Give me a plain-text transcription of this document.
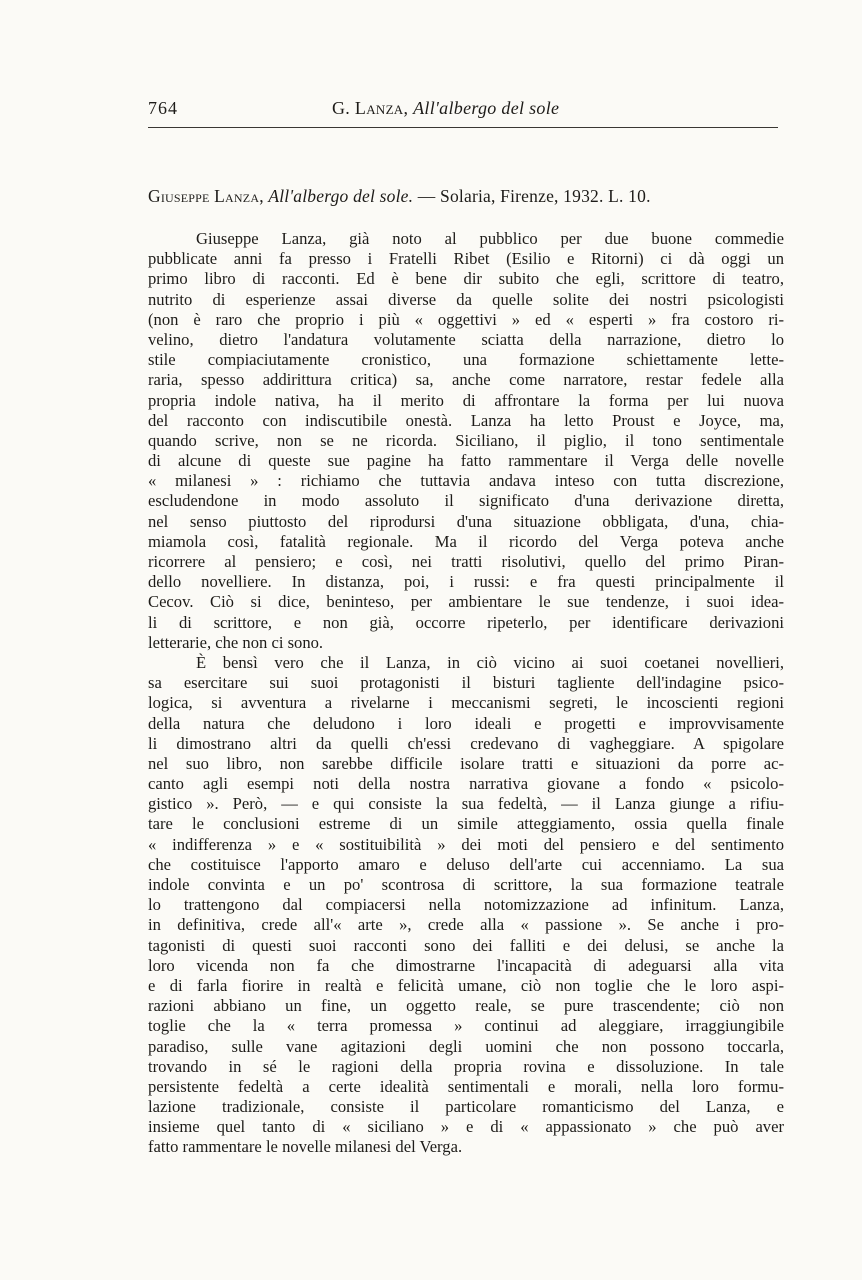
764	G. Lanza, All'albergo del sole
Giuseppe Lanza, All'albergo del sole. — Solaria, Firenze, 1932. L. 10.
Giuseppe Lanza, già noto al pubblico per due buone commedie
pubblicate anni fa presso i Fratelli Ribet (Esilio e Ritorni) ci dà oggi un
primo libro di racconti. Ed è bene dir subito che egli, scrittore di teatro,
nutrito di esperienze assai diverse da quelle solite dei nostri psicologisti
(non è raro che proprio i più « oggettivi » ed « esperti » fra costoro ri-
velino, dietro l'andatura volutamente sciatta della narrazione, dietro lo
stile compiaciutamente cronistico, una formazione schiettamente lette-
raria, spesso addirittura critica) sa, anche come narratore, restar fedele alla
propria indole nativa, ha il merito di affrontare la forma per lui nuova
del racconto con indiscutibile onestà. Lanza ha letto Proust e Joyce, ma,
quando scrive, non se ne ricorda. Siciliano, il piglio, il tono sentimentale
di alcune di queste sue pagine ha fatto rammentare il Verga delle novelle
« milanesi » : richiamo che tuttavia andava inteso con tutta discrezione,
escludendone in modo assoluto il significato d'una derivazione diretta,
nel senso piuttosto del riprodursi d'una situazione obbligata, d'una, chia-
miamola così, fatalità regionale. Ma il ricordo del Verga poteva anche
ricorrere al pensiero; e così, nei tratti risolutivi, quello del primo Piran-
dello novelliere. In distanza, poi, i russi: e fra questi principalmente il
Cecov. Ciò si dice, beninteso, per ambientare le sue tendenze, i suoi idea-
li di scrittore, e non già, occorre ripeterlo, per identificare derivazioni
letterarie, che non ci sono.
È bensì vero che il Lanza, in ciò vicino ai suoi coetanei novellieri,
sa esercitare sui suoi protagonisti il bisturi tagliente dell'indagine psico-
logica, si avventura a rivelarne i meccanismi segreti, le incoscienti regioni
della natura che deludono i loro ideali e progetti e improvvisamente
li dimostrano altri da quelli ch'essi credevano di vagheggiare. A spigolare
nel suo libro, non sarebbe difficile isolare tratti e situazioni da porre ac-
canto agli esempi noti della nostra narrativa giovane a fondo « psicolo-
gistico ». Però, — e qui consiste la sua fedeltà, — il Lanza giunge a rifiu-
tare le conclusioni estreme di un simile atteggiamento, ossia quella finale
« indifferenza » e « sostituibilità » dei moti del pensiero e del sentimento
che costituisce l'apporto amaro e deluso dell'arte cui accenniamo. La sua
indole convinta e un po' scontrosa di scrittore, la sua formazione teatrale
lo trattengono dal compiacersi nella notomizzazione ad infinitum. Lanza,
in definitiva, crede all'« arte », crede alla « passione ». Se anche i pro-
tagonisti di questi suoi racconti sono dei falliti e dei delusi, se anche la
loro vicenda non fa che dimostrarne l'incapacità di adeguarsi alla vita
e di farla fiorire in realtà e felicità umane, ciò non toglie che le loro aspi-
razioni abbiano un fine, un oggetto reale, se pure trascendente; ciò non
toglie che la « terra promessa » continui ad aleggiare, irraggiungibile
paradiso, sulle vane agitazioni degli uomini che non possono toccarla,
trovando in sé le ragioni della propria rovina e dissoluzione. In tale
persistente fedeltà a certe idealità sentimentali e morali, nella loro formu-
lazione tradizionale, consiste il particolare romanticismo del Lanza, e
insieme quel tanto di « siciliano » e di « appassionato » che può aver
fatto rammentare le novelle milanesi del Verga.
